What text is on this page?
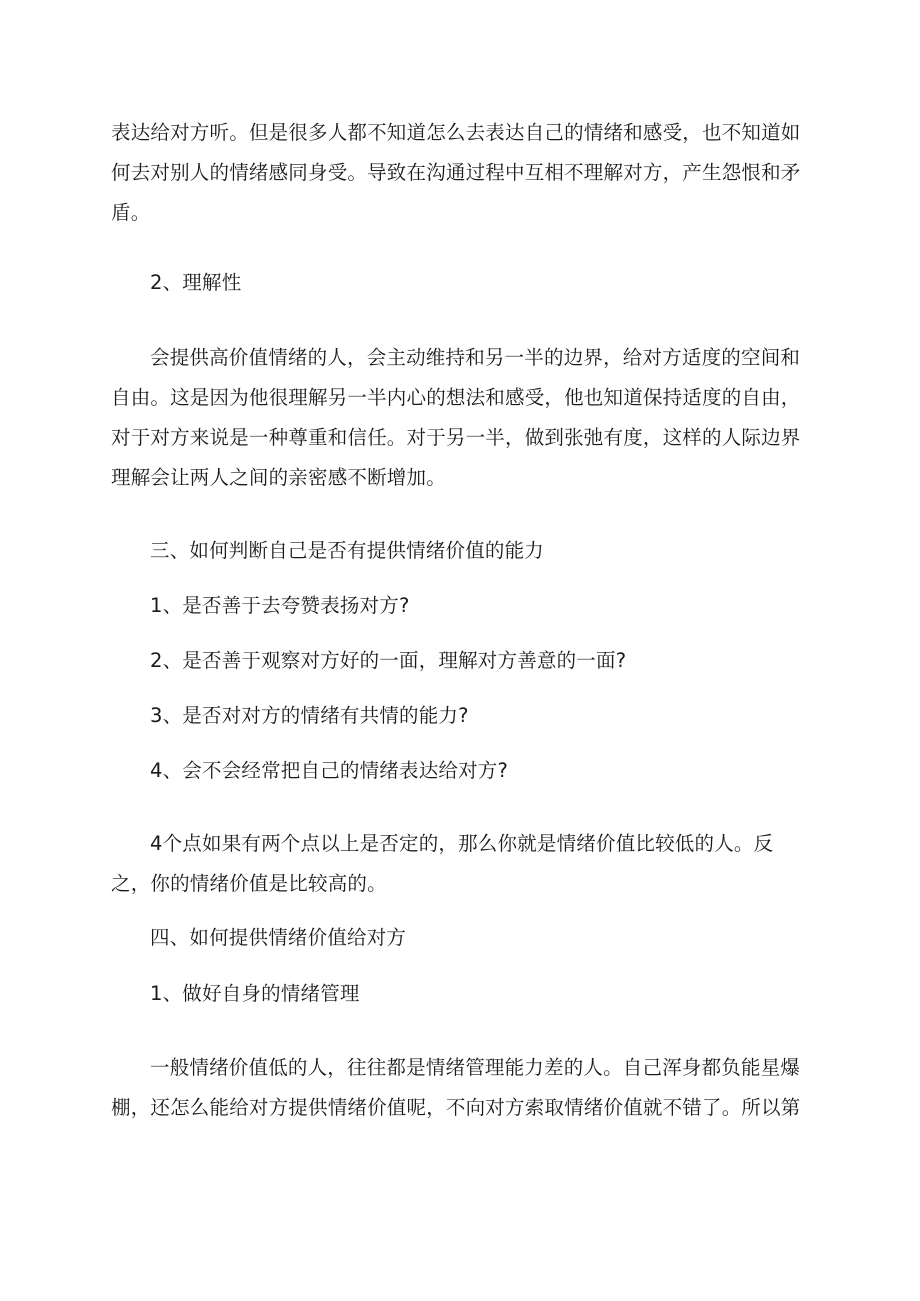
表达给对方听。但是很多人都不知道怎么去表达自己的情绪和感受，也不知道如何去对别人的情绪感同身受。导致在沟通过程中互相不理解对方，产生怨恨和矛盾。

2、理解性

会提供高价值情绪的人，会主动维持和另一半的边界，给对方适度的空间和自由。这是因为他很理解另一半内心的想法和感受，他也知道保持适度的自由，对于对方来说是一种尊重和信任。对于另一半，做到张弛有度，这样的人际边界理解会让两人之间的亲密感不断增加。

三、如何判断自己是否有提供情绪价值的能力

1、是否善于去夸赞表扬对方?

2、是否善于观察对方好的一面，理解对方善意的一面?

3、是否对对方的情绪有共情的能力?

4、会不会经常把自己的情绪表达给对方?

4个点如果有两个点以上是否定的，那么你就是情绪价值比较低的人。反之，你的情绪价值是比较高的。

四、如何提供情绪价值给对方

1、做好自身的情绪管理

一般情绪价值低的人，往往都是情绪管理能力差的人。自己浑身都负能星爆棚，还怎么能给对方提供情绪价值呢，不向对方索取情绪价值就不错了。所以第
